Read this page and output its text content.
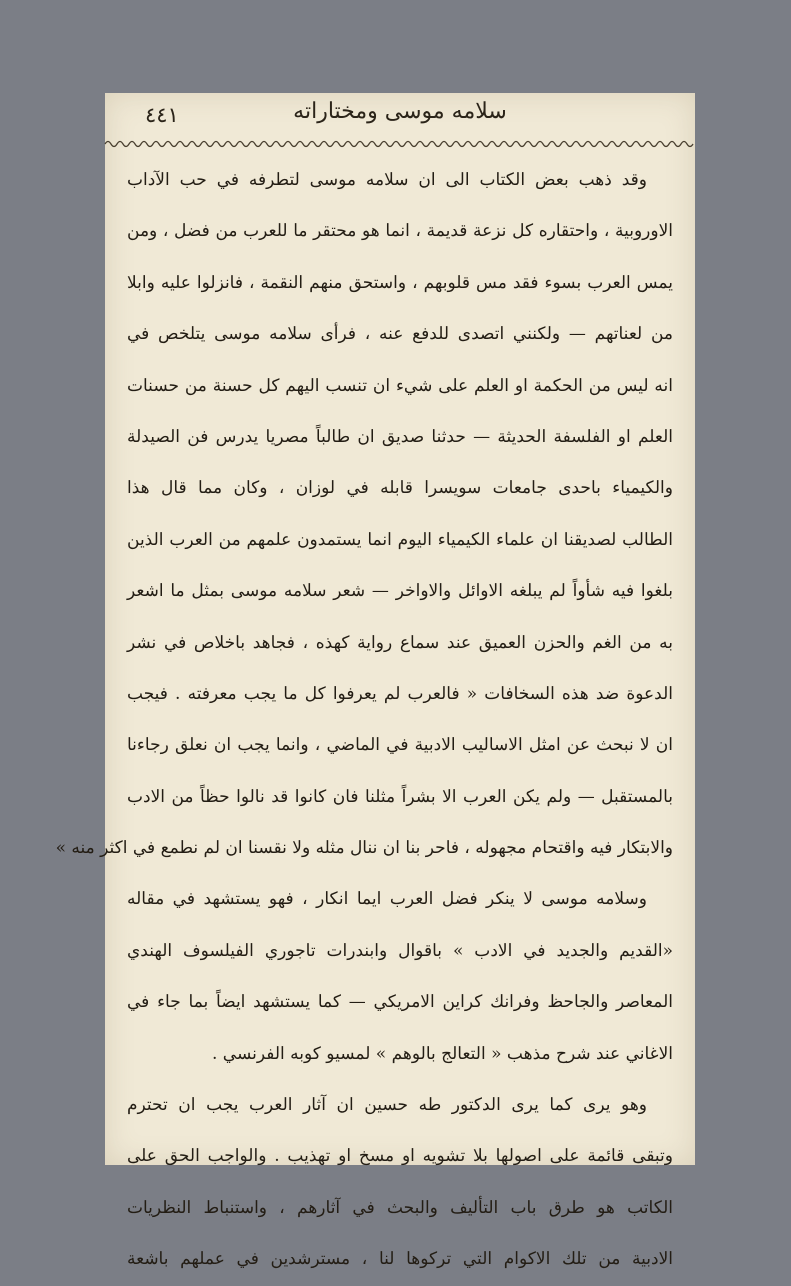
٤٤١	سلامه موسى ومختاراته
وقد ذهب بعض الكتاب الى ان سلامه موسى لتطرفه في حب الآداب
الاوروبية ، واحتقاره كل نزعة قديمة ، انما هو محتقر ما للعرب من فضل ، ومن
يمس العرب بسوء فقد مس قلوبهم ، واستحق منهم النقمة ، فانزلوا عليه وابلا
من لعناتهم — ولكنني اتصدى للدفع عنه ، فرأى سلامه موسى يتلخص في
انه ليس من الحكمة او العلم على شيء ان تنسب اليهم كل حسنة من حسنات
العلم او الفلسفة الحديثة — حدثنا صديق ان طالباً مصريا يدرس فن الصيدلة
والكيمياء باحدى جامعات سويسرا قابله في لوزان ، وكان مما قال هذا
الطالب لصديقنا ان علماء الكيمياء اليوم انما يستمدون علمهم من العرب الذين
بلغوا فيه شأواً لم يبلغه الاوائل والاواخر — شعر سلامه موسى بمثل ما اشعر
به من الغم والحزن العميق عند سماع رواية كهذه ، فجاهد باخلاص في نشر
الدعوة ضد هذه السخافات « فالعرب لم يعرفوا كل ما يجب معرفته . فيجب
ان لا نبحث عن امثل الاساليب الادبية في الماضي ، وانما يجب ان نعلق رجاءنا
بالمستقبل — ولم يكن العرب الا بشراً مثلنا فان كانوا قد نالوا حظاً من الادب
والابتكار فيه واقتحام مجهوله ، فاحر بنا ان ننال مثله ولا نقسنا ان لم نطمع في اكثر منه »
وسلامه موسى لا ينكر فضل العرب ايما انكار ، فهو يستشهد في مقاله
«القديم والجديد في الادب » باقوال وابندرات تاجوري الفيلسوف الهندي
المعاصر والجاحظ وفرانك كراين الامريكي — كما يستشهد ايضاً بما جاء في
الاغاني عند شرح مذهب « التعالج بالوهم » لمسيو كوبه الفرنسي .
وهو يرى كما يرى الدكتور طه حسين ان آثار العرب يجب ان تحترم
وتبقى قائمة على اصولها بلا تشويه او مسخ او تهذيب . والواجب الحق على
الكاتب هو طرق باب التأليف والبحث في آثارهم ، واستنباط النظريات
الادبية من تلك الاكوام التي تركوها لنا ، مسترشدين في عملهم باشعة
